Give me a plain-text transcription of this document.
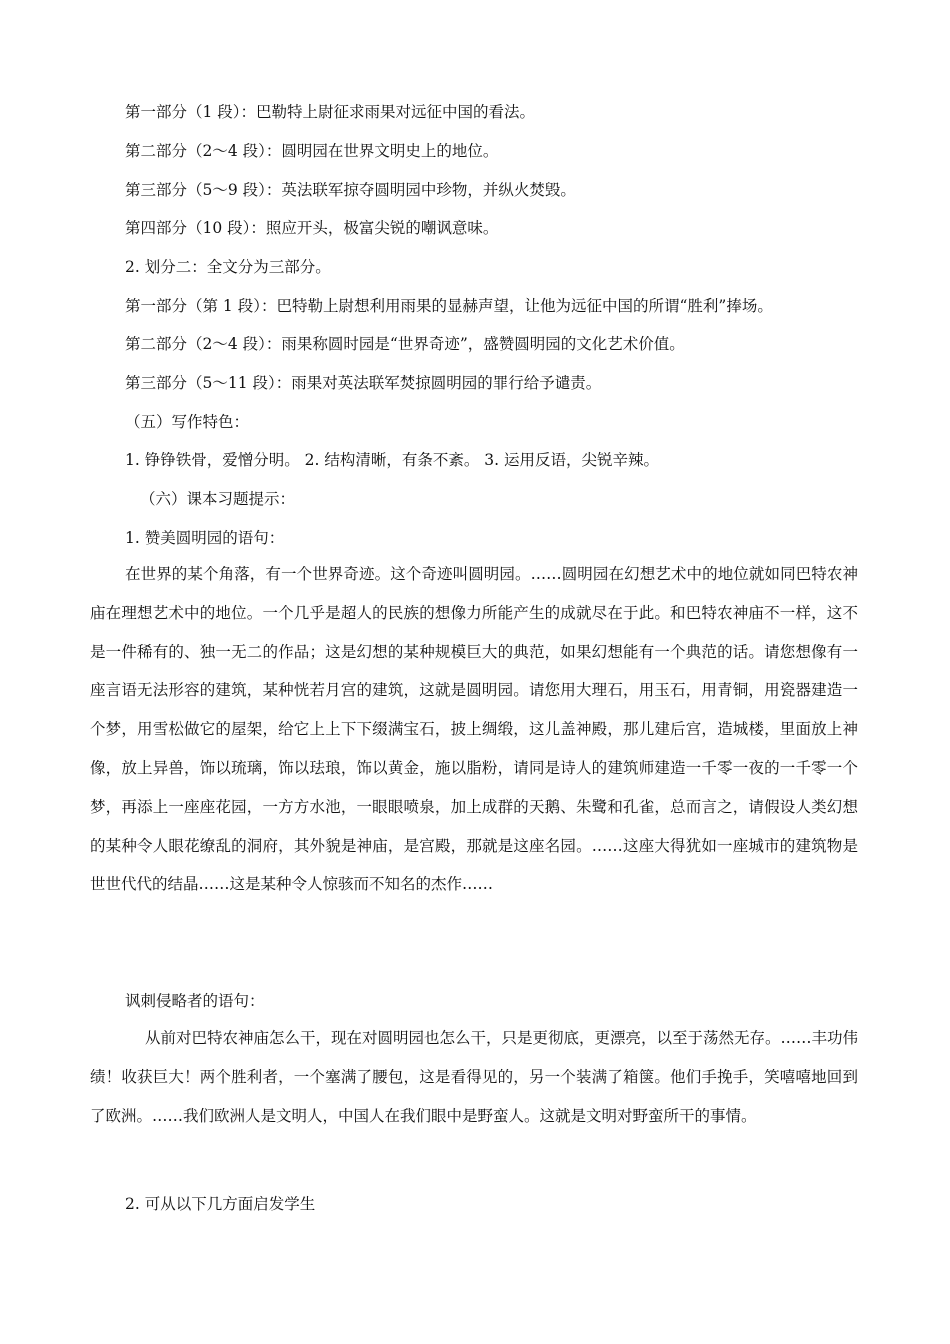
第一部分（1 段）：巴勒特上尉征求雨果对远征中国的看法。
第二部分（2～4 段）：圆明园在世界文明史上的地位。
第三部分（5～9 段）：英法联军掠夺圆明园中珍物，并纵火焚毁。
第四部分（10 段）：照应开头，极富尖锐的嘲讽意味。
2. 划分二：全文分为三部分。
第一部分（第 1 段）：巴特勒上尉想利用雨果的显赫声望，让他为远征中国的所谓“胜利”捧场。
第二部分（2～4 段）：雨果称圆时园是“世界奇迹”，盛赞圆明园的文化艺术价值。
第三部分（5～11 段）：雨果对英法联军焚掠圆明园的罪行给予谴责。
（五）写作特色：
1. 铮铮铁骨，爱憎分明。 2. 结构清晰，有条不紊。 3. 运用反语，尖锐辛辣。
（六）课本习题提示：
1. 赞美圆明园的语句：
在世界的某个角落，有一个世界奇迹。这个奇迹叫圆明园。……圆明园在幻想艺术中的地位就如同巴特农神庙在理想艺术中的地位。一个几乎是超人的民族的想像力所能产生的成就尽在于此。和巴特农神庙不一样，这不是一件稀有的、独一无二的作品；这是幻想的某种规模巨大的典范，如果幻想能有一个典范的话。请您想像有一座言语无法形容的建筑，某种恍若月宫的建筑，这就是圆明园。请您用大理石，用玉石，用青铜，用瓷器建造一个梦，用雪松做它的屋架，给它上上下下缀满宝石，披上绸缎，这儿盖神殿，那儿建后宫，造城楼，里面放上神像，放上异兽，饰以琉璃，饰以珐琅，饰以黄金，施以脂粉，请同是诗人的建筑师建造一千零一夜的一千零一个梦，再添上一座座花园，一方方水池，一眼眼喷泉，加上成群的天鹅、朱鹭和孔雀，总而言之，请假设人类幻想的某种令人眼花缭乱的洞府，其外貌是神庙，是宫殿，那就是这座名园。……这座大得犹如一座城市的建筑物是世世代代的结晶……这是某种令人惊骇而不知名的杰作……
讽刺侵略者的语句：
从前对巴特农神庙怎么干，现在对圆明园也怎么干，只是更彻底，更漂亮，以至于荡然无存。……丰功伟绩！收获巨大！两个胜利者，一个塞满了腰包，这是看得见的，另一个装满了箱箧。他们手挽手，笑嘻嘻地回到了欧洲。……我们欧洲人是文明人，中国人在我们眼中是野蛮人。这就是文明对野蛮所干的事情。
2. 可从以下几方面启发学生
